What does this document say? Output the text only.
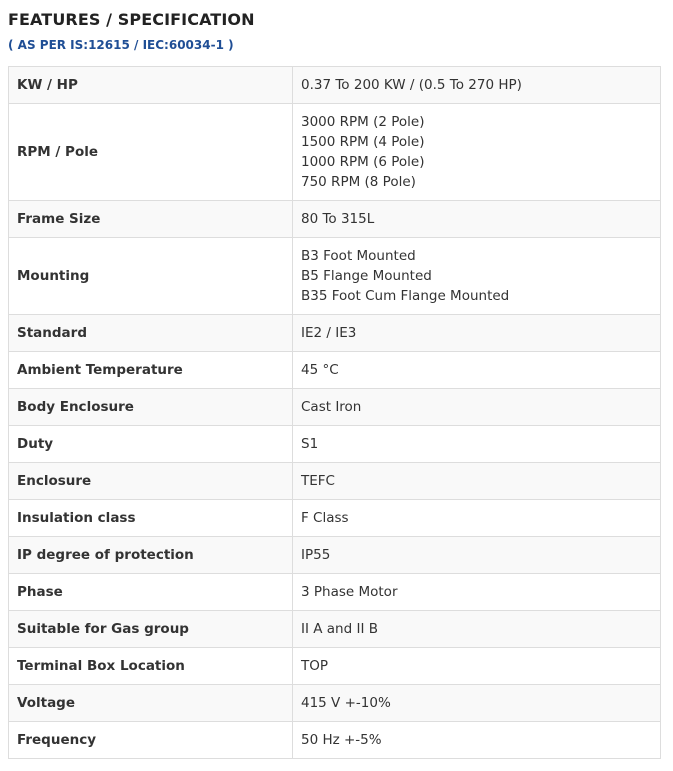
FEATURES / SPECIFICATION
( AS PER IS:12615 / IEC:60034-1 )
KW / HP	0.37 To 200 KW / (0.5 To 270 HP)

RPM / Pole	3000 RPM (2 Pole)
1500 RPM (4 Pole)
1000 RPM (6 Pole)
750 RPM (8 Pole)

Frame Size	80 To 315L

Mounting	B3 Foot Mounted
B5 Flange Mounted
B35 Foot Cum Flange Mounted

Standard	IE2 / IE3

Ambient Temperature	45 °C

Body Enclosure	Cast Iron

Duty	S1

Enclosure	TEFC

Insulation class	F Class

IP degree of protection	IP55

Phase	3 Phase Motor

Suitable for Gas group	II A and II B

Terminal Box Location	TOP

Voltage	415 V +-10%

Frequency	50 Hz +-5%
